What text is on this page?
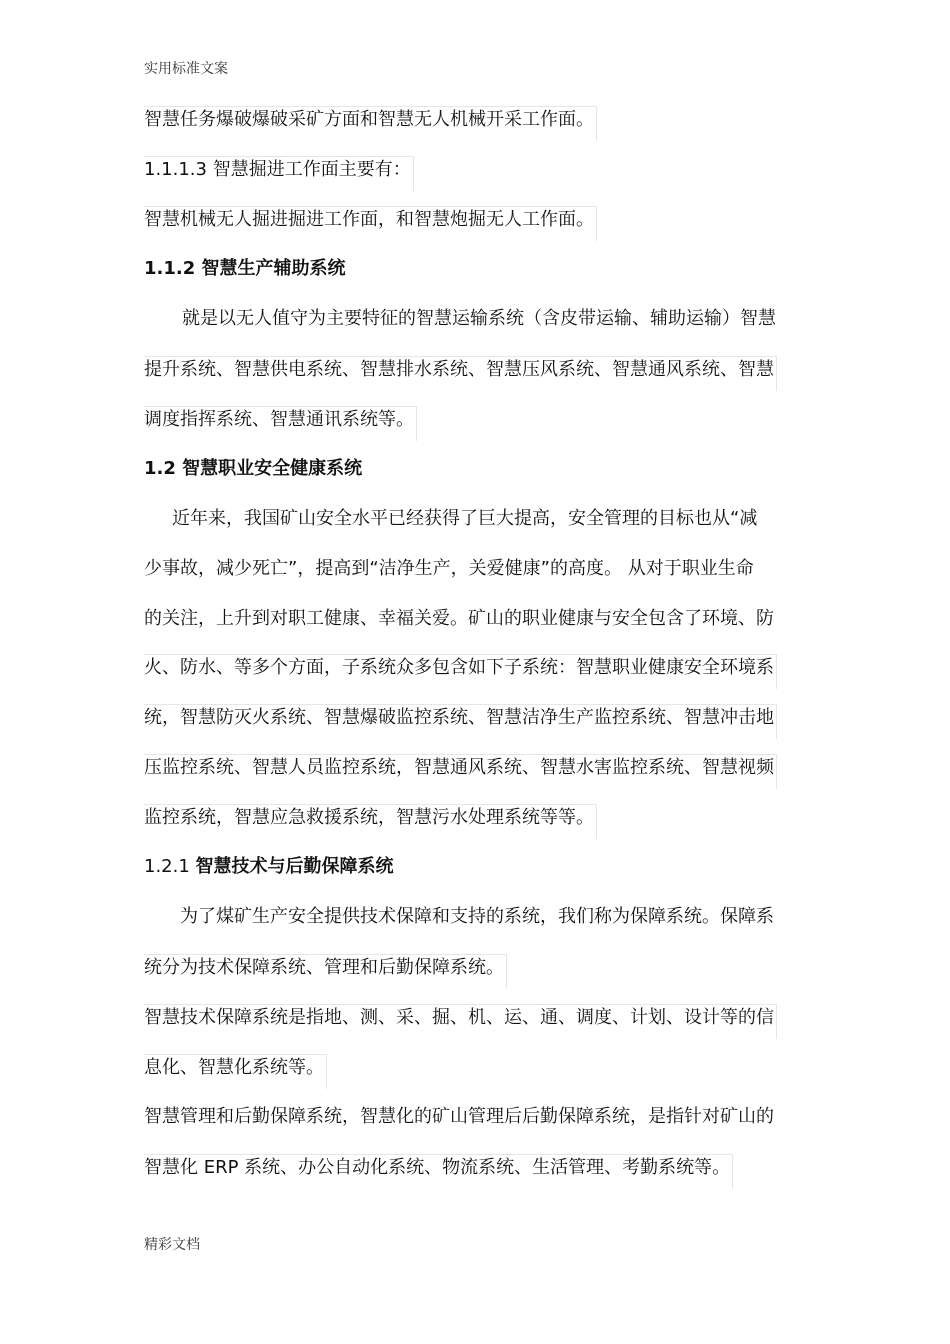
实用标准文案
智慧任务爆破爆破采矿方面和智慧无人机械开采工作面。
1.1.1.3 智慧掘进工作面主要有：
智慧机械无人掘进掘进工作面，和智慧炮掘无人工作面。
1.1.2 智慧生产辅助系统
就是以无人值守为主要特征的智慧运输系统（含皮带运输、辅助运输）智慧
提升系统、智慧供电系统、智慧排水系统、智慧压风系统、智慧通风系统、智慧
调度指挥系统、智慧通讯系统等。
1.2 智慧职业安全健康系统
近年来，我国矿山安全水平已经获得了巨大提高，安全管理的目标也从“减
少事故，减少死亡”，提高到“洁净生产，关爱健康”的高度。 从对于职业生命
的关注，上升到对职工健康、幸福关爱。矿山的职业健康与安全包含了环境、防
火、防水、等多个方面，子系统众多包含如下子系统：智慧职业健康安全环境系
统，智慧防灭火系统、智慧爆破监控系统、智慧洁净生产监控系统、智慧冲击地
压监控系统、智慧人员监控系统，智慧通风系统、智慧水害监控系统、智慧视频
监控系统，智慧应急救援系统，智慧污水处理系统等等。
1.2.1 智慧技术与后勤保障系统
为了煤矿生产安全提供技术保障和支持的系统，我们称为保障系统。保障系
统分为技术保障系统、管理和后勤保障系统。
智慧技术保障系统是指地、测、采、掘、机、运、通、调度、计划、设计等的信
息化、智慧化系统等。
智慧管理和后勤保障系统，智慧化的矿山管理后后勤保障系统，是指针对矿山的
智慧化 ERP 系统、办公自动化系统、物流系统、生活管理、考勤系统等。
精彩文档
